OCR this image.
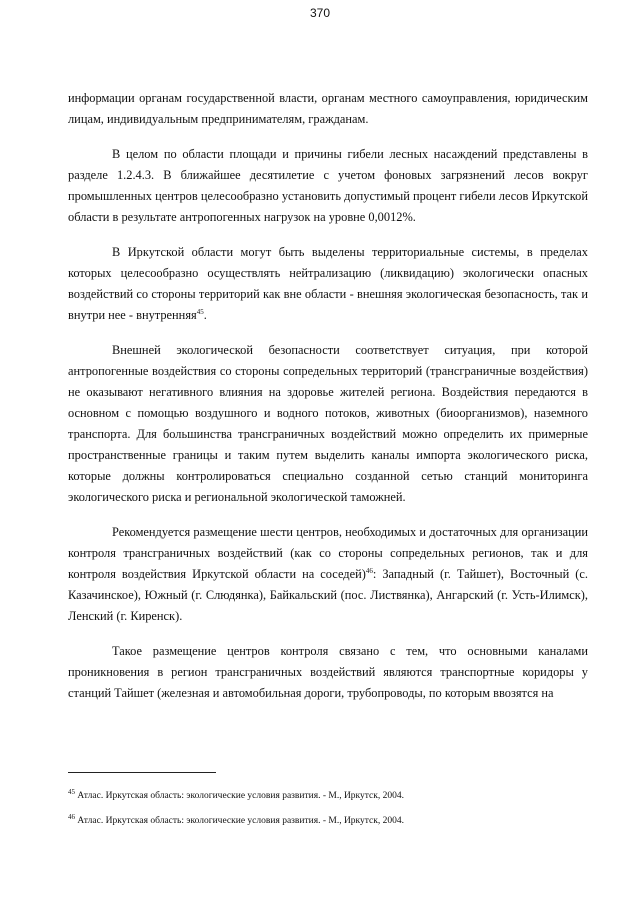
370

информации органам государственной власти, органам местного самоуправления, юридическим лицам, индивидуальным предпринимателям, гражданам.

В целом по области площади и причины гибели лесных насаждений представлены в разделе 1.2.4.3. В ближайшее десятилетие с учетом фоновых загрязнений лесов вокруг промышленных центров целесообразно установить допустимый процент гибели лесов Иркутской области в результате антропогенных нагрузок на уровне 0,0012%.

В Иркутской области могут быть выделены территориальные системы, в пределах которых целесообразно осуществлять нейтрализацию (ликвидацию) экологически опасных воздействий со стороны территорий как вне области - внешняя экологическая безопасность, так и внутри нее - внутренняя$^{45}$.

Внешней экологической безопасности соответствует ситуация, при которой антропогенные воздействия со стороны сопредельных территорий (трансграничные воздействия) не оказывают негативного влияния на здоровье жителей региона. Воздействия передаются в основном с помощью воздушного и водного потоков, животных (биоорганизмов), наземного транспорта. Для большинства трансграничных воздействий можно определить их примерные пространственные границы и таким путем выделить каналы импорта экологического риска, которые должны контролироваться специально созданной сетью станций мониторинга экологического риска и региональной экологической таможней.

Рекомендуется размещение шести центров, необходимых и достаточных для организации контроля трансграничных воздействий (как со стороны сопредельных регионов, так и для контроля воздействия Иркутской области на соседей)$^{46}$: Западный (г. Тайшет), Восточный (с. Казачинское), Южный (г. Слюдянка), Байкальский (пос. Листвянка), Ангарский (г. Усть-Илимск), Ленский (г. Киренск).

Такое размещение центров контроля связано с тем, что основными каналами проникновения в регион трансграничных воздействий являются транспортные коридоры у станций Тайшет (железная и автомобильная дороги, трубопроводы, по которым ввозятся на

$^{45}$ Атлас. Иркутская область: экологические условия развития. - М., Иркутск, 2004.
$^{46}$ Атлас. Иркутская область: экологические условия развития. - М., Иркутск, 2004.
